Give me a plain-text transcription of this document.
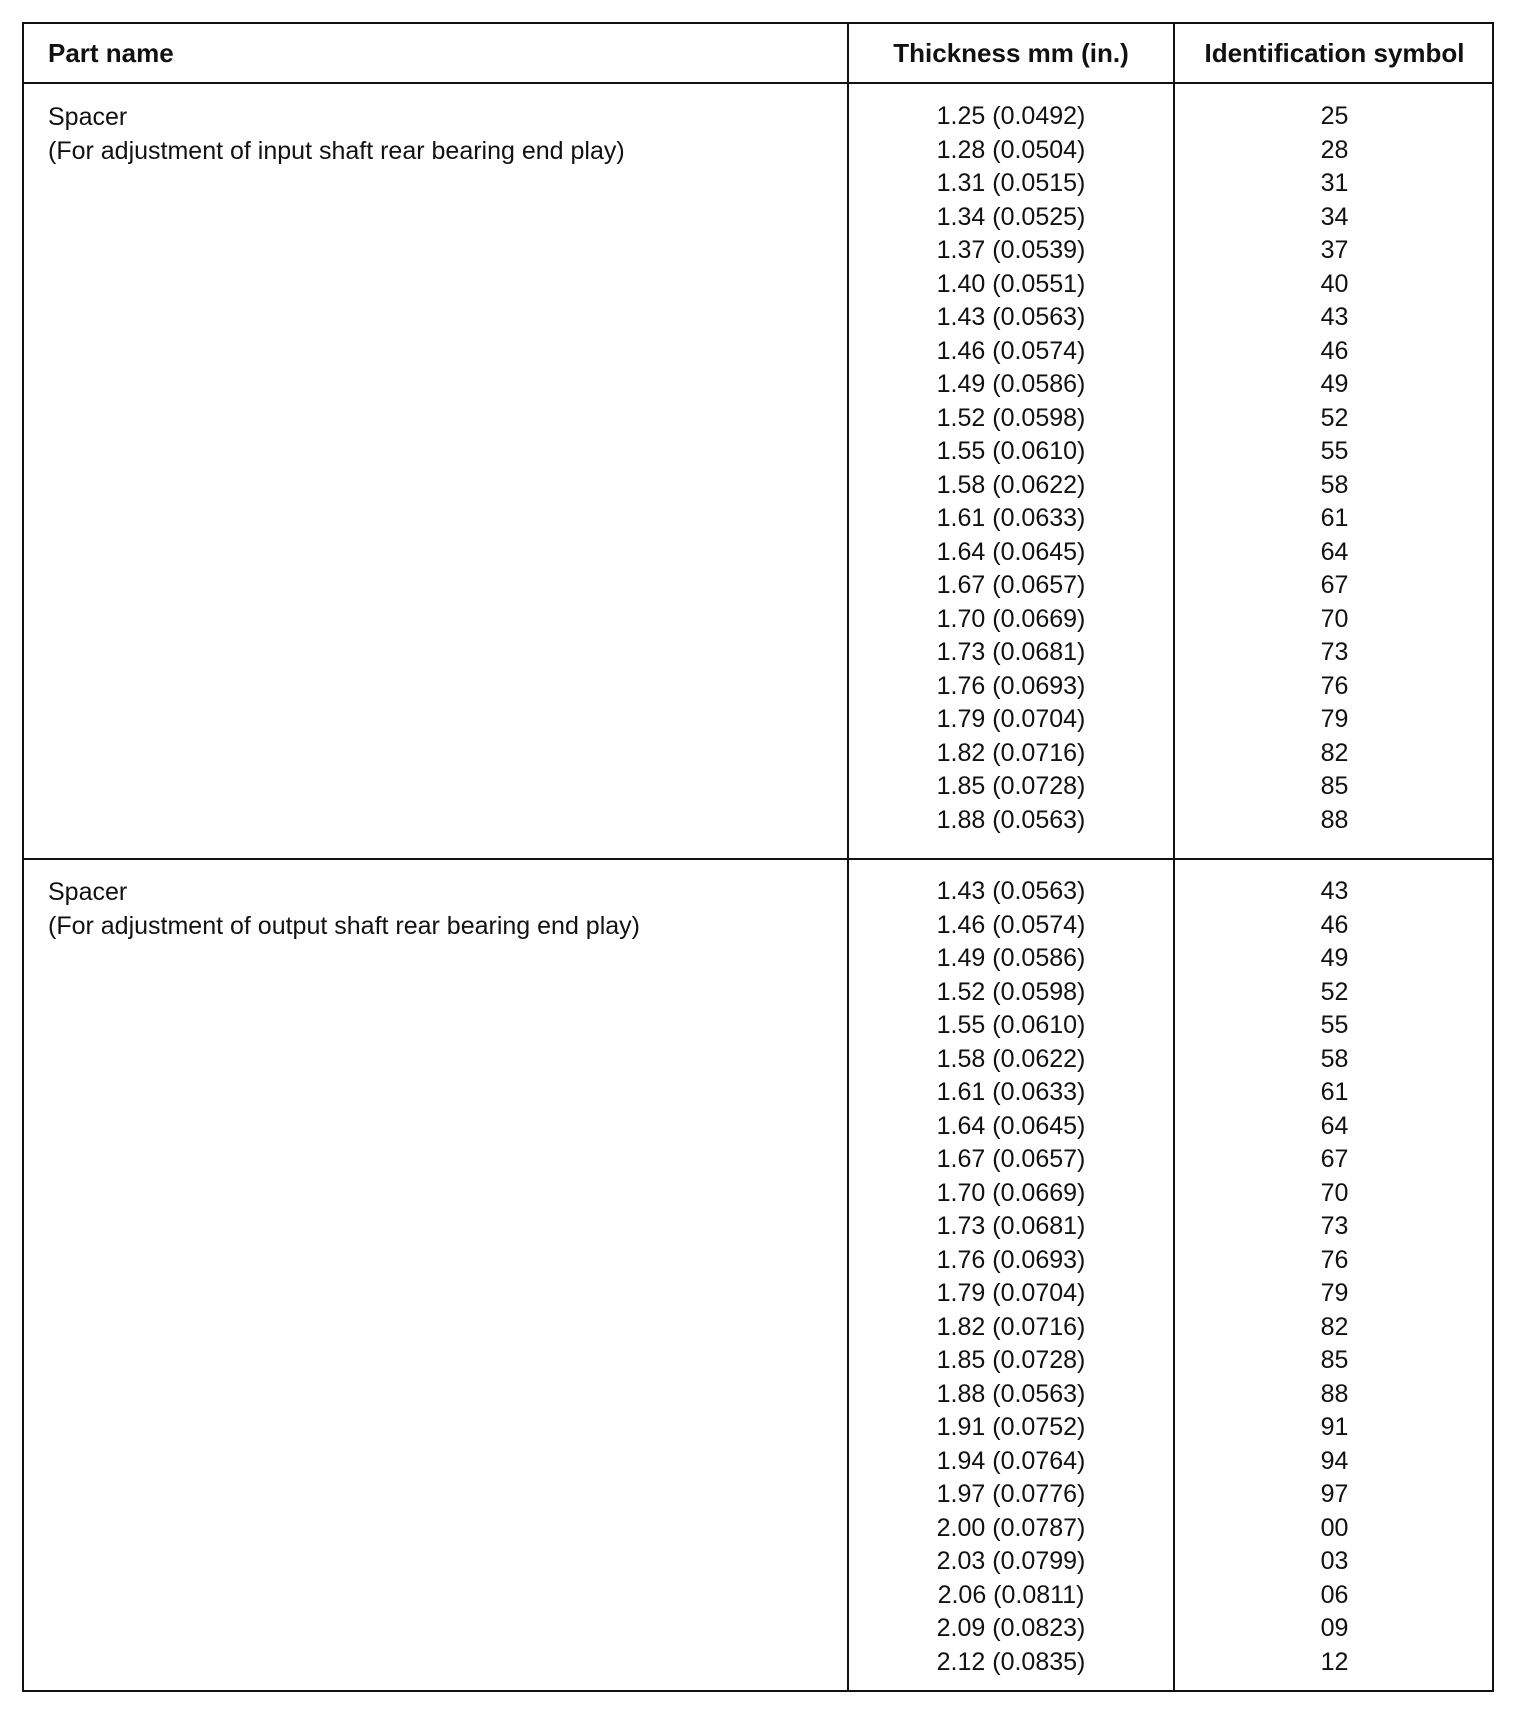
Part name	Thickness mm (in.)	Identification symbol
Spacer
(For adjustment of input shaft rear bearing end play)
1.25 (0.0492)
1.28 (0.0504)
1.31 (0.0515)
1.34 (0.0525)
1.37 (0.0539)
1.40 (0.0551)
1.43 (0.0563)
1.46 (0.0574)
1.49 (0.0586)
1.52 (0.0598)
1.55 (0.0610)
1.58 (0.0622)
1.61 (0.0633)
1.64 (0.0645)
1.67 (0.0657)
1.70 (0.0669)
1.73 (0.0681)
1.76 (0.0693)
1.79 (0.0704)
1.82 (0.0716)
1.85 (0.0728)
1.88 (0.0563)
25
28
31
34
37
40
43
46
49
52
55
58
61
64
67
70
73
76
79
82
85
88
Spacer
(For adjustment of output shaft rear bearing end play)
1.43 (0.0563)
1.46 (0.0574)
1.49 (0.0586)
1.52 (0.0598)
1.55 (0.0610)
1.58 (0.0622)
1.61 (0.0633)
1.64 (0.0645)
1.67 (0.0657)
1.70 (0.0669)
1.73 (0.0681)
1.76 (0.0693)
1.79 (0.0704)
1.82 (0.0716)
1.85 (0.0728)
1.88 (0.0563)
1.91 (0.0752)
1.94 (0.0764)
1.97 (0.0776)
2.00 (0.0787)
2.03 (0.0799)
2.06 (0.0811)
2.09 (0.0823)
2.12 (0.0835)
43
46
49
52
55
58
61
64
67
70
73
76
79
82
85
88
91
94
97
00
03
06
09
12
